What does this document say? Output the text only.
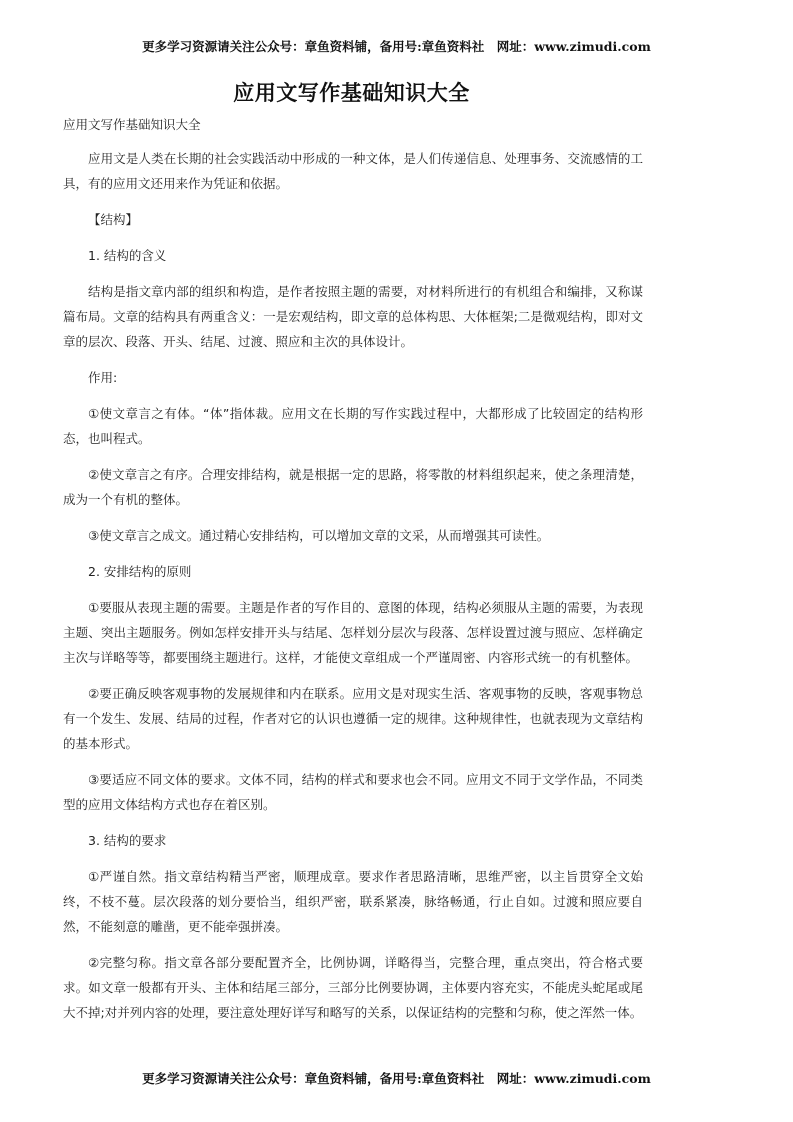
更多学习资源请关注公众号：章鱼资料铺，备用号:章鱼资料社　网址：www.zimudi.com
应用文写作基础知识大全
应用文写作基础知识大全

应用文是人类在长期的社会实践活动中形成的一种文体，是人们传递信息、处理事务、交流感情的工具，有的应用文还用来作为凭证和依据。

【结构】

1. 结构的含义

结构是指文章内部的组织和构造，是作者按照主题的需要，对材料所进行的有机组合和编排，又称谋篇布局。文章的结构具有两重含义：一是宏观结构，即文章的总体构思、大体框架;二是微观结构，即对文章的层次、段落、开头、结尾、过渡、照应和主次的具体设计。

作用:

①使文章言之有体。“体”指体裁。应用文在长期的写作实践过程中，大都形成了比较固定的结构形态，也叫程式。

②使文章言之有序。合理安排结构，就是根据一定的思路，将零散的材料组织起来，使之条理清楚，成为一个有机的整体。

③使文章言之成文。通过精心安排结构，可以增加文章的文采，从而增强其可读性。

2. 安排结构的原则

①要服从表现主题的需要。主题是作者的写作目的、意图的体现，结构必须服从主题的需要，为表现主题、突出主题服务。例如怎样安排开头与结尾、怎样划分层次与段落、怎样设置过渡与照应、怎样确定主次与详略等等，都要围绕主题进行。这样，才能使文章组成一个严谨周密、内容形式统一的有机整体。

②要正确反映客观事物的发展规律和内在联系。应用文是对现实生活、客观事物的反映，客观事物总有一个发生、发展、结局的过程，作者对它的认识也遵循一定的规律。这种规律性，也就表现为文章结构的基本形式。

③要适应不同文体的要求。文体不同，结构的样式和要求也会不同。应用文不同于文学作品，不同类型的应用文体结构方式也存在着区别。

3. 结构的要求

①严谨自然。指文章结构精当严密，顺理成章。要求作者思路清晰，思维严密，以主旨贯穿全文始终，不枝不蔓。层次段落的划分要恰当，组织严密，联系紧凑，脉络畅通，行止自如。过渡和照应要自然，不能刻意的雕凿，更不能牵强拼凑。

②完整匀称。指文章各部分要配置齐全，比例协调，详略得当，完整合理，重点突出，符合格式要求。如文章一般都有开头、主体和结尾三部分，三部分比例要协调，主体要内容充实，不能虎头蛇尾或尾大不掉;对并列内容的处理，要注意处理好详写和略写的关系，以保证结构的完整和匀称，使之浑然一体。

更多学习资源请关注公众号：章鱼资料铺，备用号:章鱼资料社　网址：www.zimudi.com
